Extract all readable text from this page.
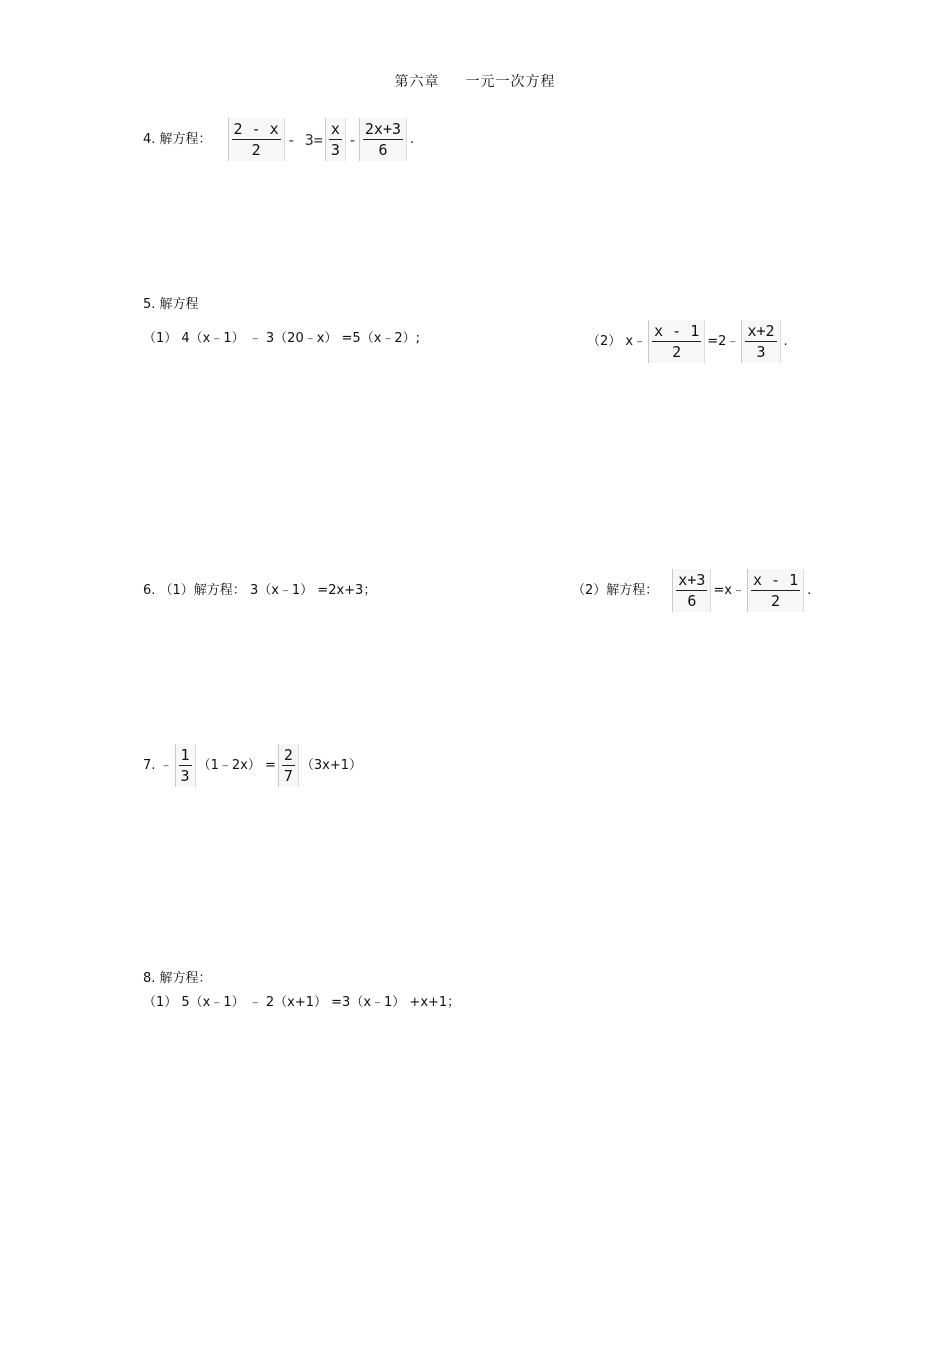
第六章 一元一次方程
4. 解方程： $\frac{2 - x}{2} - 3= \frac{x}{3} - \frac{2x+3}{6}$ .
5. 解方程
（1） 4（x﹣1） ﹣ 3（20﹣x） =5（x﹣2）;	（2） x﹣ $\frac{x - 1}{2}$ =2﹣ $\frac{x+2}{3}$ .
6. （1）解方程： 3（x﹣1） =2x+3；	（2）解方程： $\frac{x+3}{6}$ =x﹣ $\frac{x - 1}{2}$ .
7. ﹣ $\frac{1}{3}$ （1﹣2x） = $\frac{2}{7} (3x+1)$
8. 解方程：
（1） 5（x﹣1） ﹣ 2（x+1） =3（x﹣1） +x+1；
